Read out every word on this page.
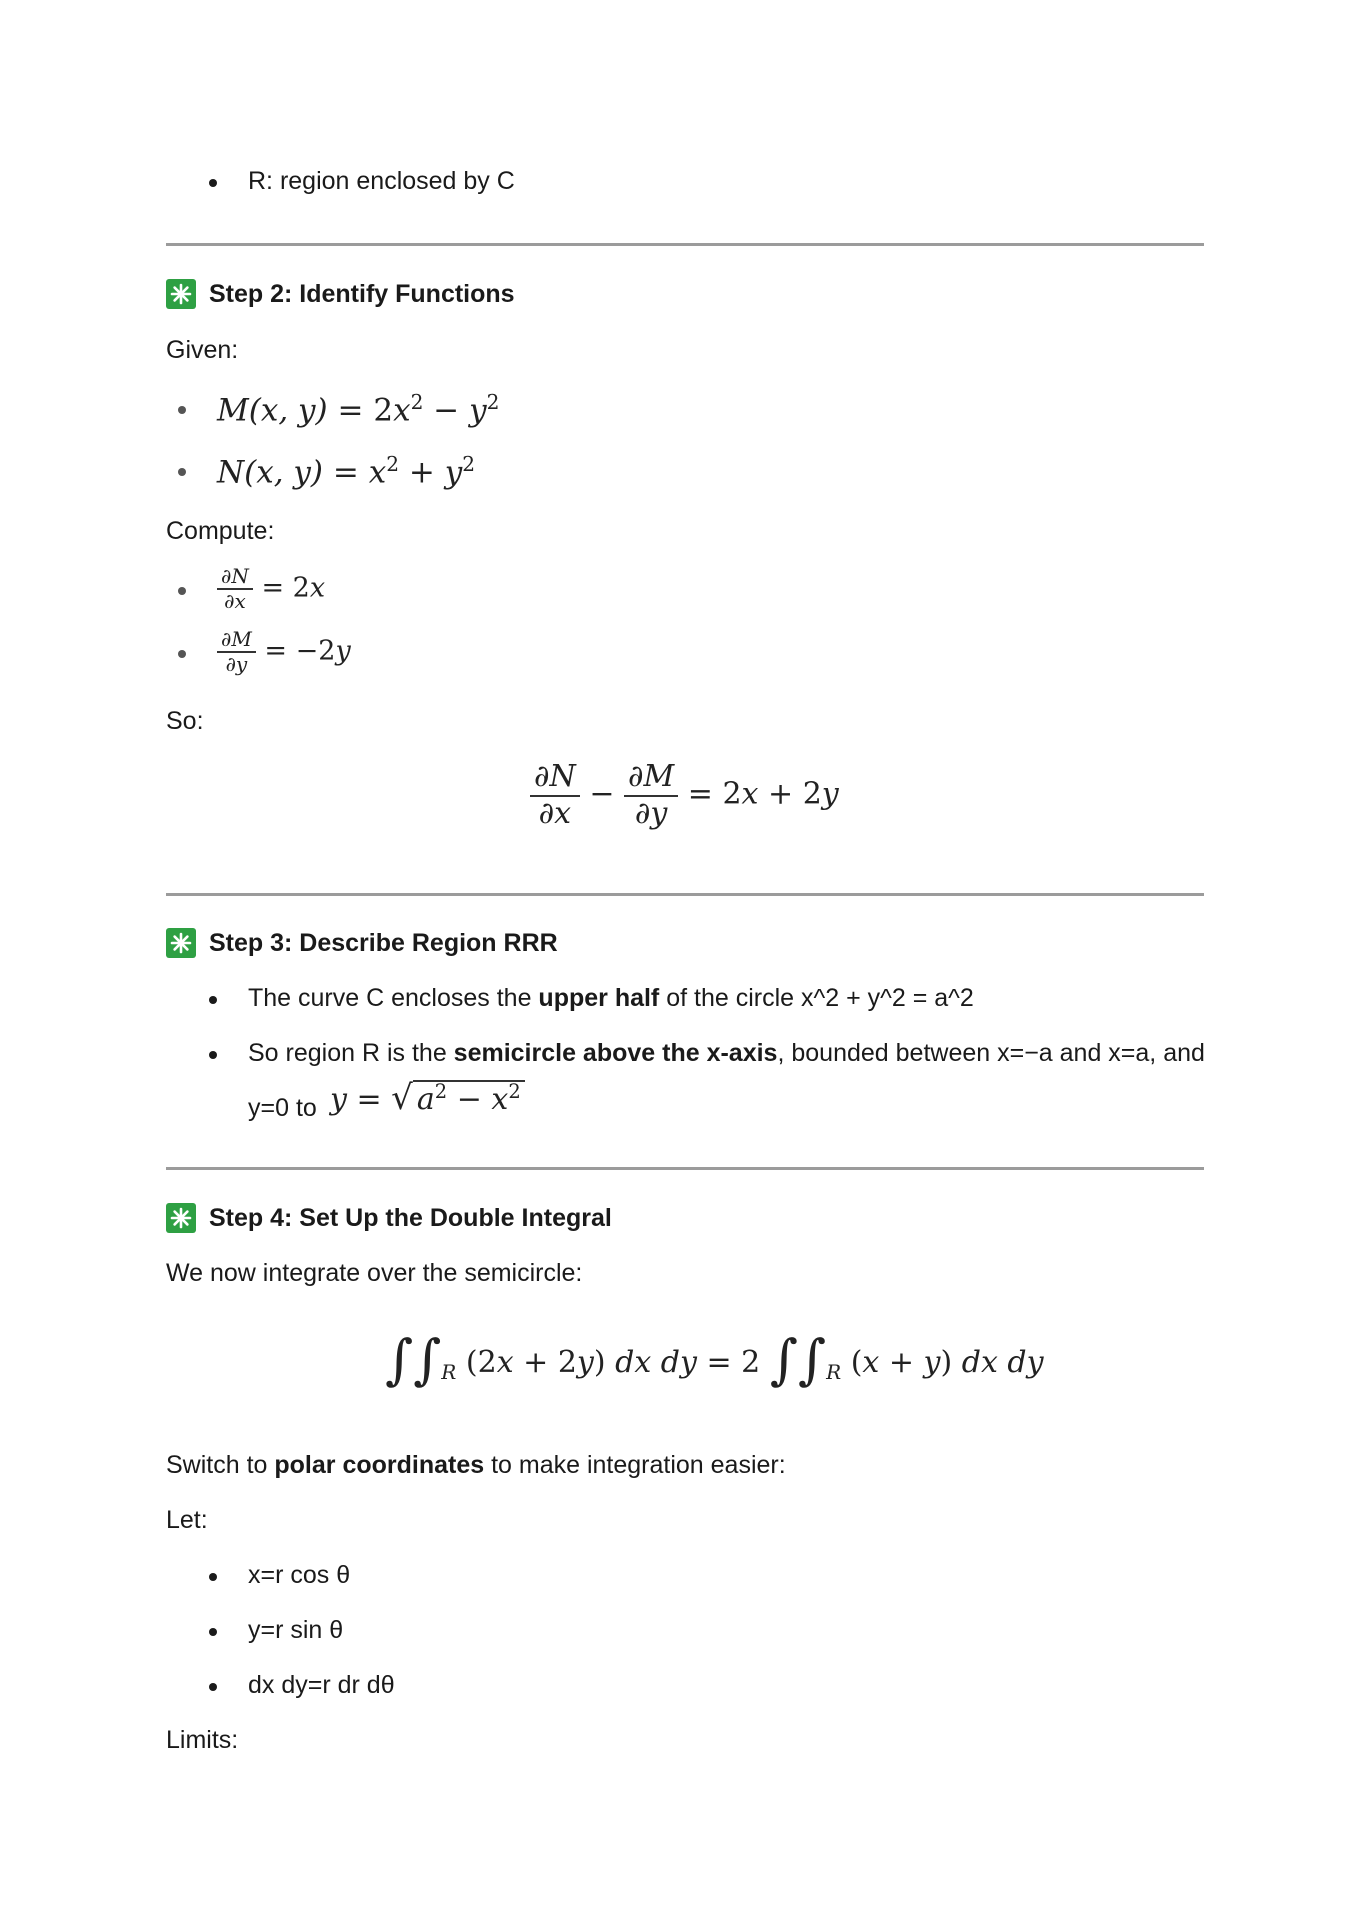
R: region enclosed by C
Step 2: Identify Functions
Given:
M(x, $y) = 2x^2 - y^2$
N(x, $y) = x^2 + y^2$
Compute:
$\frac{\partial N}{\partial x} = 2x$
$\frac{\partial M}{\partial y} = -2y$
So:
$\frac{\partial N}{\partial x} - \frac{\partial M}{\partial y} = 2x + 2y$
Step 3: Describe Region RRR
The curve C encloses the upper half of the circle x^2 + y^2 = a^2
So region R is the semicircle above the x-axis, bounded between x=−a and x=a, and
y=0 to y = √ $a^2 - x^2$
Step 4: Set Up the Double Integral
We now integrate over the semicircle:
$\int\int_R$ (2x + 2y) dx dy = 2 $\int\int_R$ (x + y) dx dy
Switch to polar coordinates to make integration easier:
Let:
x=r cos θ
y=r sin θ
dx dy=r dr dθ
Limits:
